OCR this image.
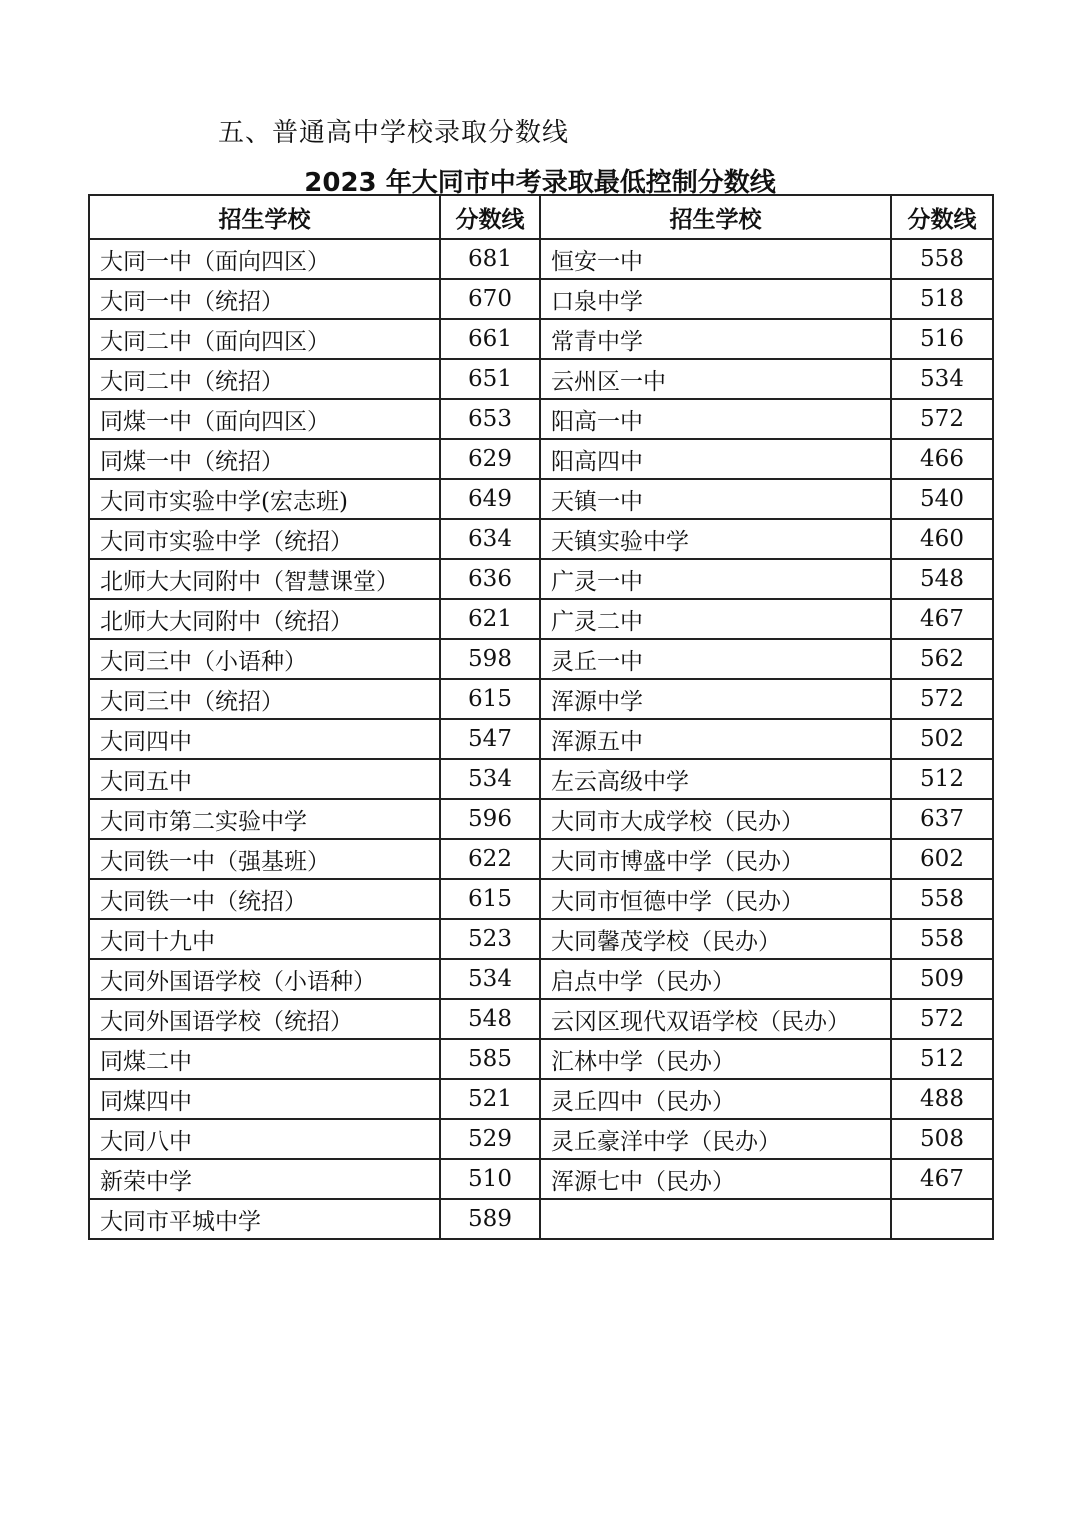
五、普通高中学校录取分数线
2023 年大同市中考录取最低控制分数线
招生学校	分数线	招生学校	分数线
大同一中（面向四区）	681	恒安一中	558
大同一中（统招）	670	口泉中学	518
大同二中（面向四区）	661	常青中学	516
大同二中（统招）	651	云州区一中	534
同煤一中（面向四区）	653	阳高一中	572
同煤一中（统招）	629	阳高四中	466
大同市实验中学(宏志班)	649	天镇一中	540
大同市实验中学（统招）	634	天镇实验中学	460
北师大大同附中（智慧课堂）	636	广灵一中	548
北师大大同附中（统招）	621	广灵二中	467
大同三中（小语种）	598	灵丘一中	562
大同三中（统招）	615	浑源中学	572
大同四中	547	浑源五中	502
大同五中	534	左云高级中学	512
大同市第二实验中学	596	大同市大成学校（民办）	637
大同铁一中（强基班）	622	大同市博盛中学（民办）	602
大同铁一中（统招）	615	大同市恒德中学（民办）	558
大同十九中	523	大同馨茂学校（民办）	558
大同外国语学校（小语种）	534	启点中学（民办）	509
大同外国语学校（统招）	548	云冈区现代双语学校（民办）	572
同煤二中	585	汇林中学（民办）	512
同煤四中	521	灵丘四中（民办）	488
大同八中	529	灵丘豪洋中学（民办）	508
新荣中学	510	浑源七中（民办）	467
大同市平城中学	589		
